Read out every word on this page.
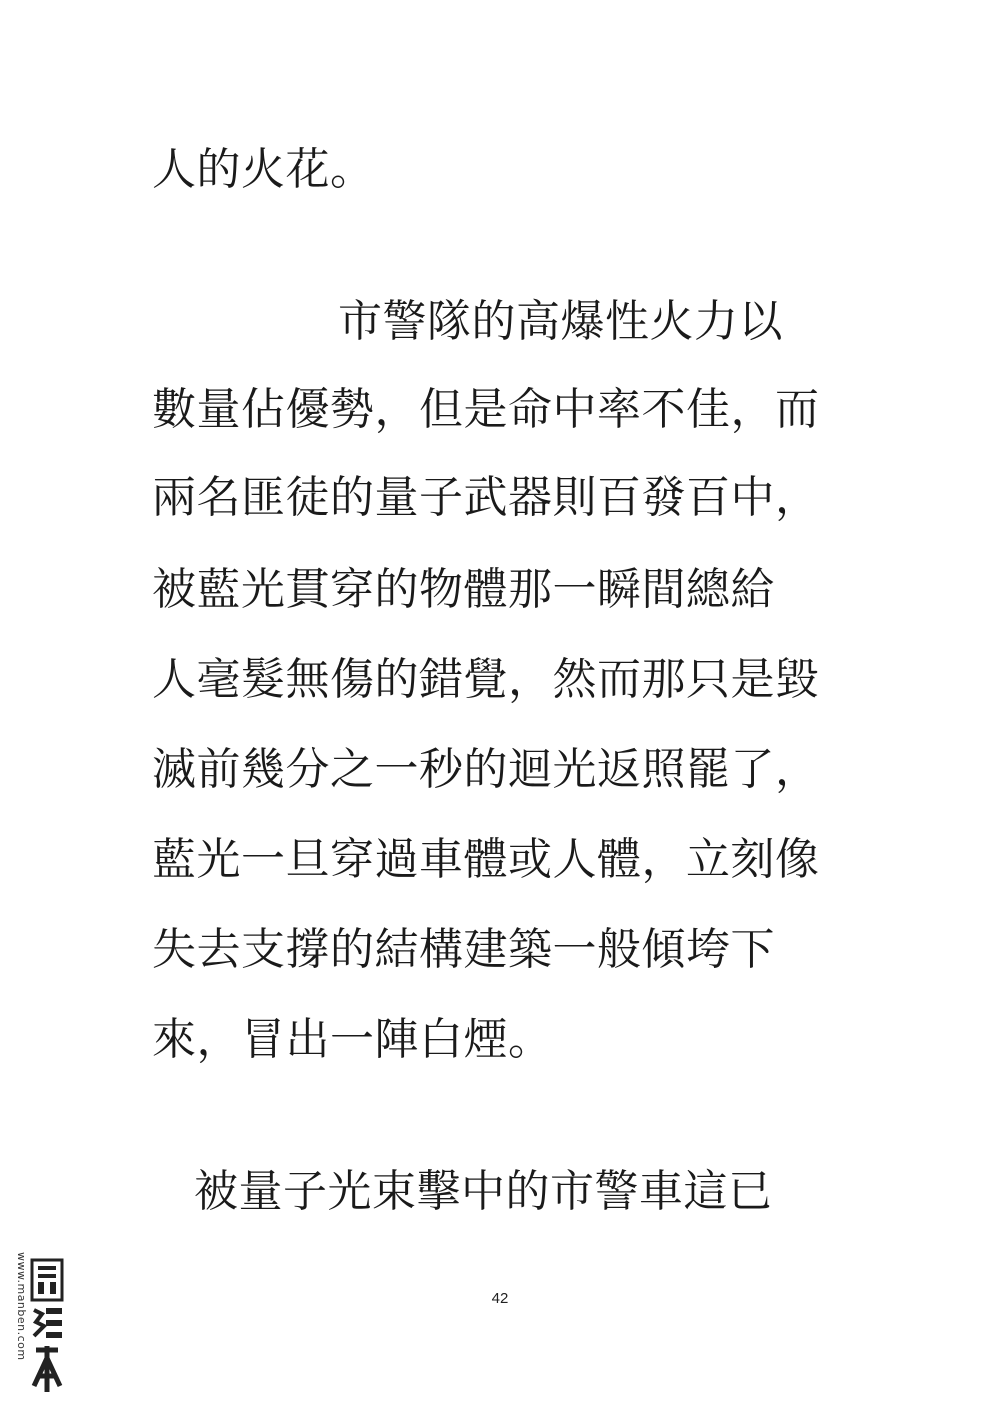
人的火花。
市警隊的高爆性火力以
數量佔優勢，但是命中率不佳，而
兩名匪徒的量子武器則百發百中，
被藍光貫穿的物體那一瞬間總給
人毫髮無傷的錯覺，然而那只是毀
滅前幾分之一秒的迴光返照罷了，
藍光一旦穿過車體或人體，立刻像
失去支撐的結構建築一般傾垮下
來，冒出一陣白煙。
被量子光束擊中的市警車這已
42
www.manben.com
